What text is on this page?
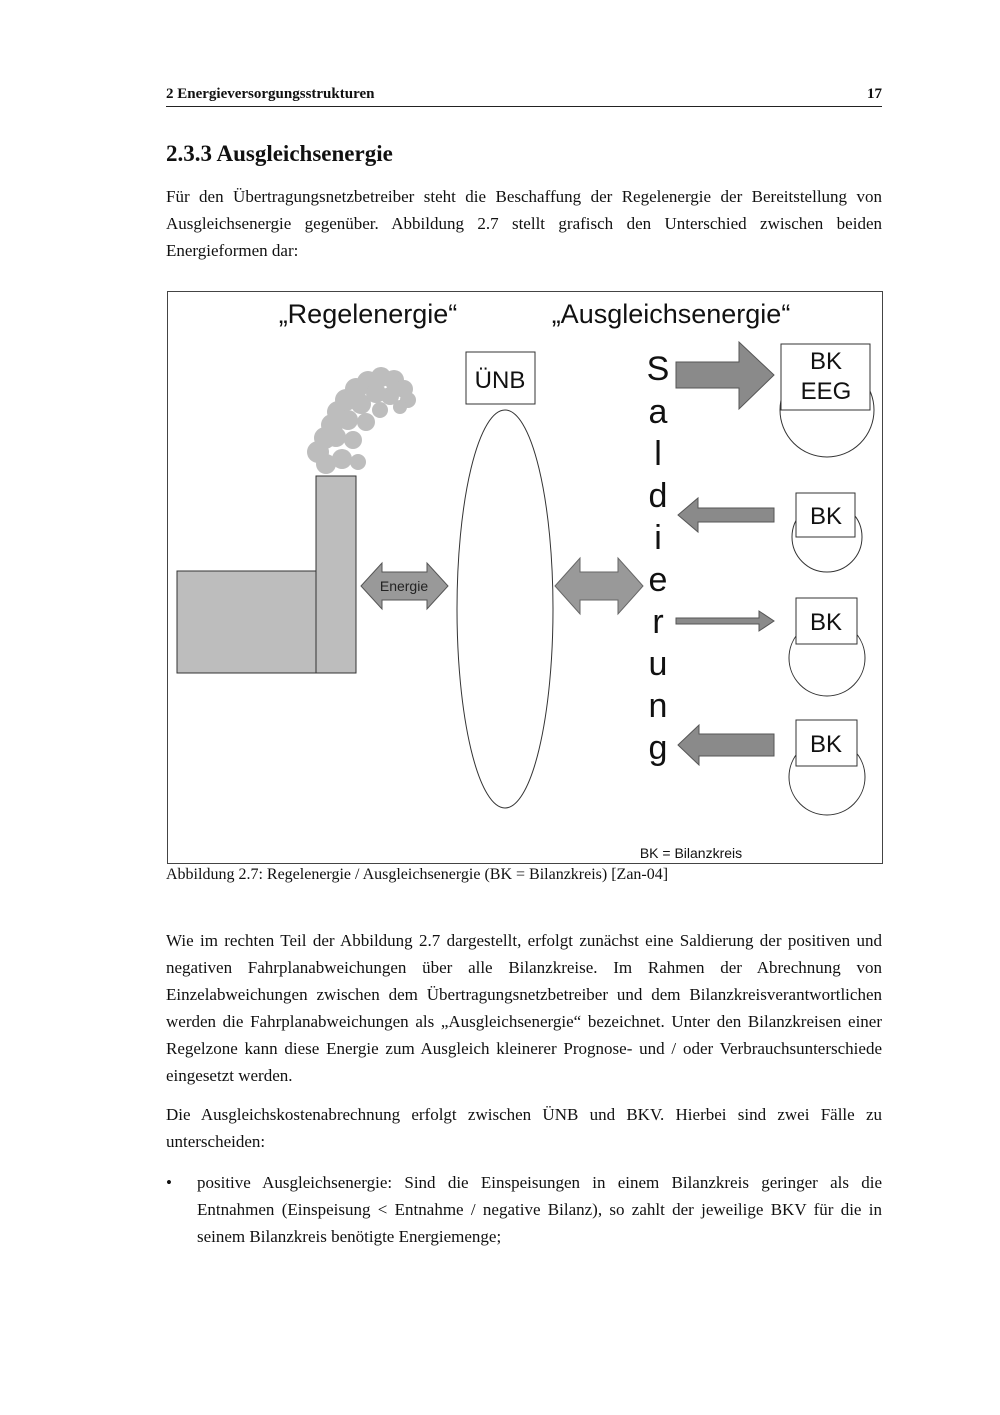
2 Energieversorgungsstrukturen	17
2.3.3 Ausgleichsenergie

Für den Übertragungsnetzbetreiber steht die Beschaffung der Regelenergie der Bereitstellung von Ausgleichsenergie gegenüber. Abbildung 2.7 stellt grafisch den Unterschied zwischen beiden Energieformen dar:

„Regelenergie“	„Ausgleichsenergie“
Energie
ÜNB	S
a
l
d
i
e
r
u
n
g
BK
EEG
BK
BK
BK
BK = Bilanzkreis

Abbildung 2.7: Regelenergie / Ausgleichsenergie (BK = Bilanzkreis) [Zan-04]

Wie im rechten Teil der Abbildung 2.7 dargestellt, erfolgt zunächst eine Saldierung der positiven und negativen Fahrplanabweichungen über alle Bilanzkreise. Im Rahmen der Abrechnung von Einzelabweichungen zwischen dem Übertragungsnetzbetreiber und dem Bilanzkreisverantwortlichen werden die Fahrplanabweichungen als „Ausgleichsenergie“ bezeichnet. Unter den Bilanzkreisen einer Regelzone kann diese Energie zum Ausgleich kleinerer Prognose- und / oder Verbrauchsunterschiede eingesetzt werden.

Die Ausgleichskostenabrechnung erfolgt zwischen ÜNB und BKV. Hierbei sind zwei Fälle zu unterscheiden:

• positive Ausgleichsenergie: Sind die Einspeisungen in einem Bilanzkreis geringer als die Entnahmen (Einspeisung < Entnahme / negative Bilanz), so zahlt der jeweilige BKV für die in seinem Bilanzkreis benötigte Energiemenge;
